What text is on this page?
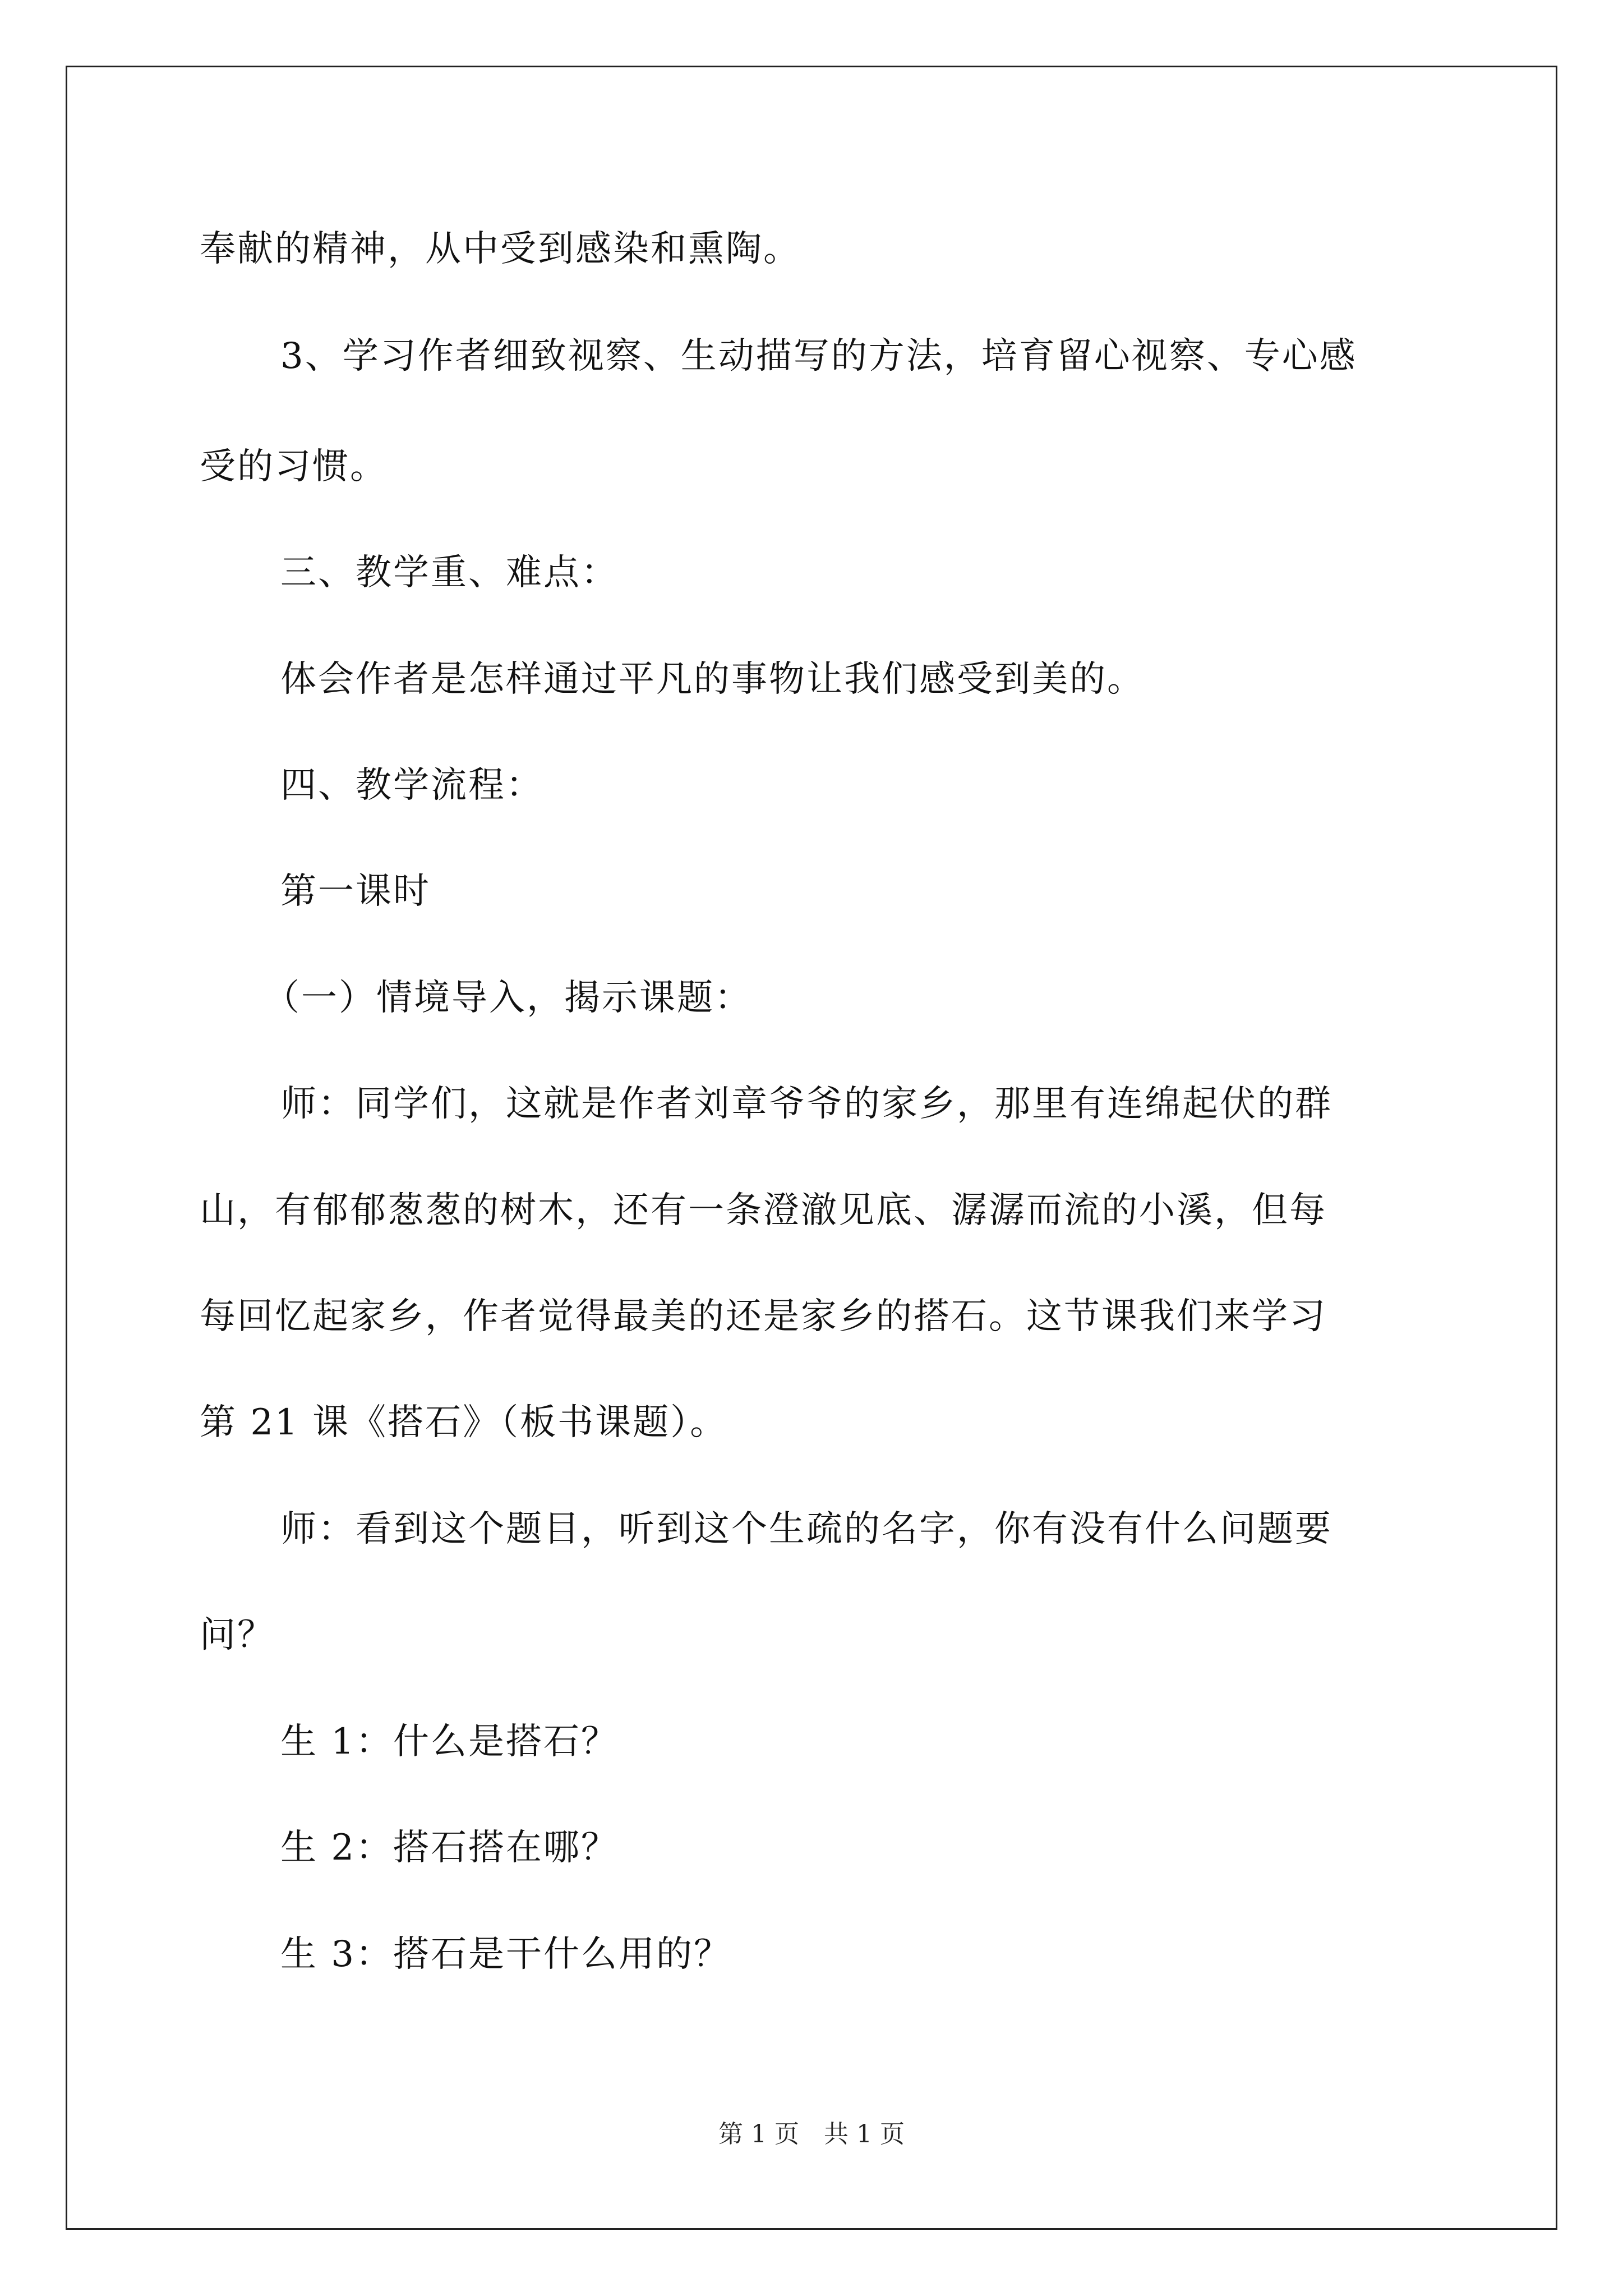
奉献的精神，从中受到感染和熏陶。
3、学习作者细致视察、生动描写的方法，培育留心视察、专心感
受的习惯。
三、教学重、难点：
体会作者是怎样通过平凡的事物让我们感受到美的。
四、教学流程：
第一课时
（一）情境导入，揭示课题：
师：同学们，这就是作者刘章爷爷的家乡，那里有连绵起伏的群
山，有郁郁葱葱的树木，还有一条澄澈见底、潺潺而流的小溪，但每
每回忆起家乡，作者觉得最美的还是家乡的搭石。这节课我们来学习
第 21 课《搭石》（板书课题）。
师：看到这个题目，听到这个生疏的名字，你有没有什么问题要
问？
生 1：什么是搭石？
生 2：搭石搭在哪？
生 3：搭石是干什么用的？
第 1 页　共 1 页
